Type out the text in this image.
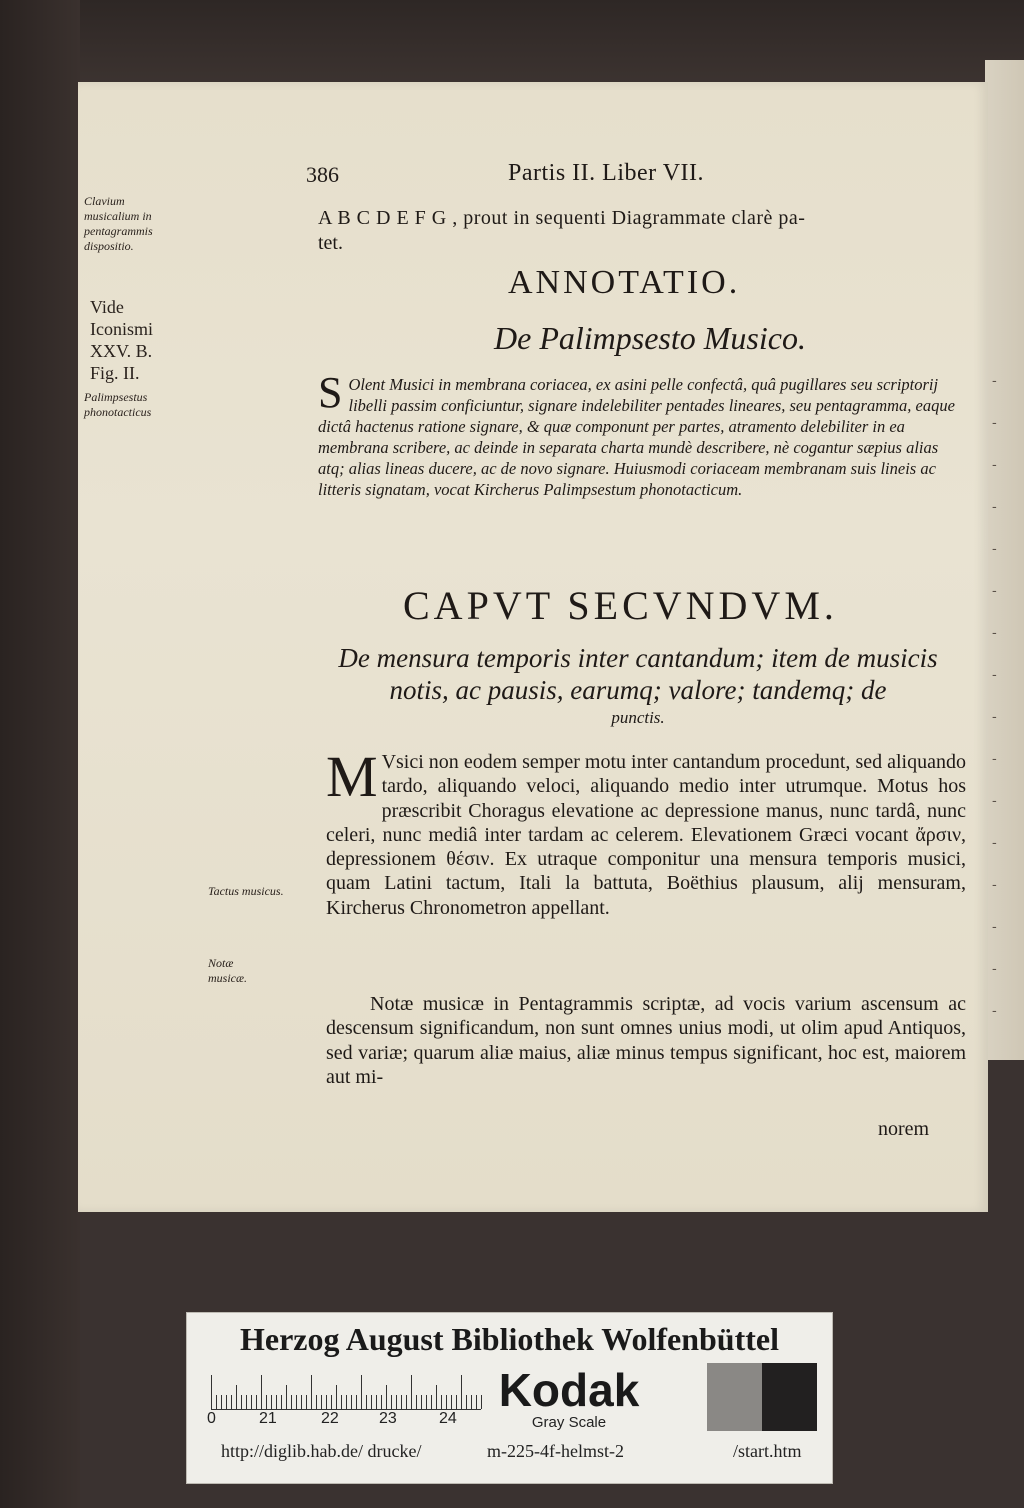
-
-
-
-
-
-
-
-
-
-
-
-
-
-
-
-
386	Partis II. Liber VII.
Clavium musicalium in pentagrammis dispositio.
Vide
Iconismi
XXV. B.
Fig. II.
Palimpsestus phonotacticus
Tactus musicus.
Notæ musicæ.
A B C D E F G , prout in sequenti Diagrammate clarè pa-
tet.
ANNOTATIO.
De Palimpsesto Musico.
S Olent Musici in membrana coriacea, ex asini pelle confectâ, quâ pugillares seu scriptorij libelli passim conficiuntur, signare indelebiliter pentades lineares, seu pentagramma, eaque dictâ hactenus ratione signare, & quæ componunt per partes, atramento delebiliter in ea membrana scribere, ac deinde in separata charta mundè describere, nè cogantur sæpius alias atq; alias lineas ducere, ac de novo signare. Huiusmodi coriaceam membranam suis lineis ac litteris signatam, vocat Kircherus Palimpsestum phonotacticum.
CAPVT SECVNDVM.
De mensura temporis inter cantandum; item de musicis notis, ac pausis, earumq; valore; tandemq; de
punctis.
M Vsici non eodem semper motu inter cantandum procedunt, sed aliquando tardo, aliquando veloci, aliquando medio inter utrumque. Motus hos præscribit Choragus elevatione ac depressione manus, nunc tardâ, nunc celeri, nunc mediâ inter tardam ac celerem. Elevationem Græci vocant ἄρσιν, depressionem θέσιν. Ex utraque componitur una mensura temporis musici, quam Latini tactum, Itali la battuta, Boëthius plausum, alij mensuram, Kircherus Chronometron appellant.
Notæ musicæ in Pentagrammis scriptæ, ad vocis varium ascensum ac descensum significandum, non sunt omnes unius modi, ut olim apud Antiquos, sed variæ; quarum aliæ maius, aliæ minus tempus significant, hoc est, maiorem aut mi-
norem
Herzog August Bibliothek Wolfenbüttel
0	21	22	23	24
Kodak
Gray Scale
http://diglib.hab.de/ drucke/	m-225-4f-helmst-2	/start.htm
